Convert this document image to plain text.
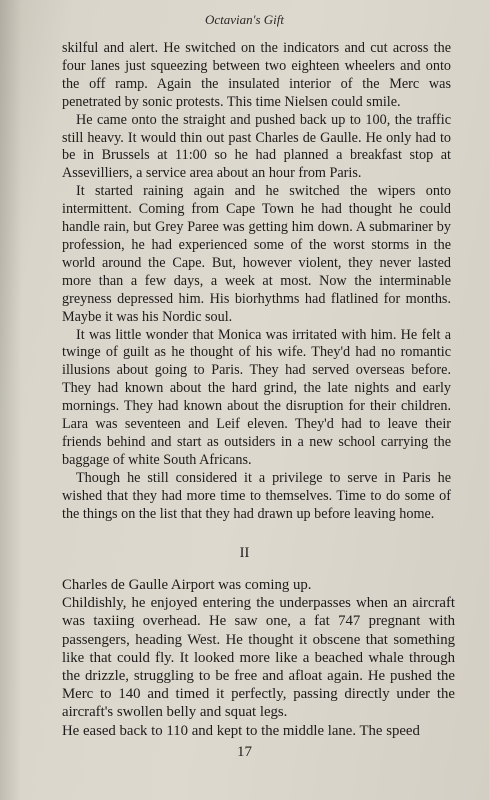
Octavian's Gift

skilful and alert. He switched on the indicators and cut across the four lanes just squeezing between two eighteen wheelers and onto the off ramp. Again the insulated interior of the Merc was penetrated by sonic protests. This time Nielsen could smile.

He came onto the straight and pushed back up to 100, the traffic still heavy. It would thin out past Charles de Gaulle. He only had to be in Brussels at 11:00 so he had planned a breakfast stop at Assevilliers, a service area about an hour from Paris.

It started raining again and he switched the wipers onto intermittent. Coming from Cape Town he had thought he could handle rain, but Grey Paree was getting him down. A submariner by profession, he had experienced some of the worst storms in the world around the Cape. But, however violent, they never lasted more than a few days, a week at most. Now the interminable greyness depressed him. His biorhythms had flatlined for months. Maybe it was his Nordic soul.

It was little wonder that Monica was irritated with him. He felt a twinge of guilt as he thought of his wife. They'd had no romantic illusions about going to Paris. They had served overseas before. They had known about the hard grind, the late nights and early mornings. They had known about the disruption for their children. Lara was seventeen and Leif eleven. They'd had to leave their friends behind and start as outsiders in a new school carrying the baggage of white South Africans.

Though he still considered it a privilege to serve in Paris he wished that they had more time to themselves. Time to do some of the things on the list that they had drawn up before leaving home.

II

Charles de Gaulle Airport was coming up.

Childishly, he enjoyed entering the underpasses when an aircraft was taxiing overhead. He saw one, a fat 747 pregnant with passengers, heading West. He thought it obscene that something like that could fly. It looked more like a beached whale through the drizzle, struggling to be free and afloat again. He pushed the Merc to 140 and timed it perfectly, passing directly under the aircraft's swollen belly and squat legs.

He eased back to 110 and kept to the middle lane. The speed

17
